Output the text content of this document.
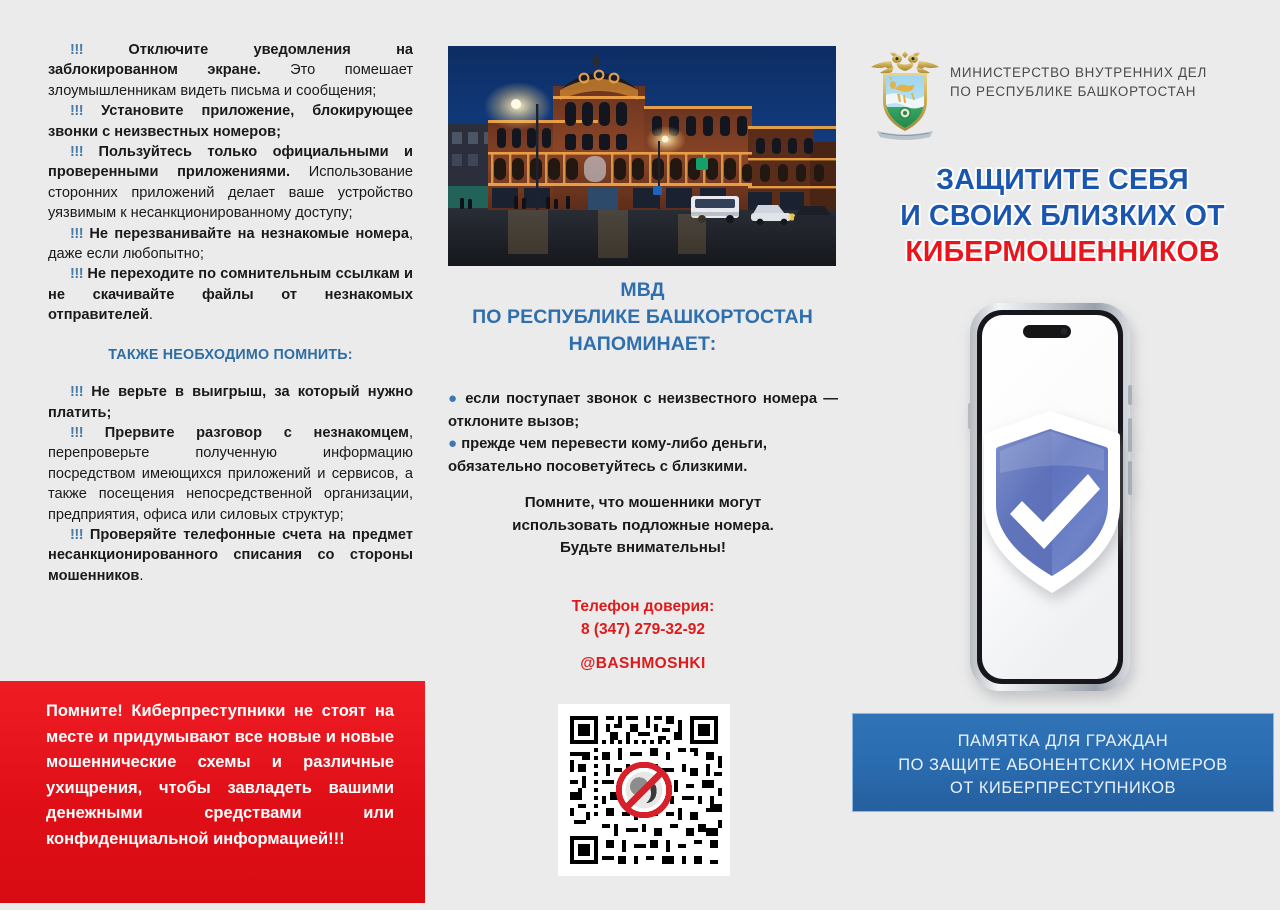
!!!	Отключите уведомления на заблокированном экране. Это помешает злоумышленникам видеть письма и сообщения;

!!! Установите приложение, блокирующее звонки с неизвестных номеров;

!!! Пользуйтесь только официальными и проверенными приложениями. Использование сторонних приложений делает ваше устройство уязвимым к несанкционированному доступу;

!!! Не перезванивайте на незнакомые номера, даже если любопытно;

!!! Не переходите по сомнительным ссылкам и не скачивайте файлы от незнакомых отправителей.

ТАКЖЕ НЕОБХОДИМО ПОМНИТЬ:

!!! Не верьте в выигрыш, за который нужно платить;

!!! Прервите разговор с незнакомцем, перепроверьте полученную информацию посредством имеющихся приложений и сервисов, а также посещения непосредственной организации, предприятия, офиса или силовых структур;

!!! Проверяйте телефонные счета на предмет несанкционированного списания со стороны мошенников.

Помните! Киберпреступники не стоят на месте и придумывают все новые и новые мошеннические схемы и различные ухищрения, чтобы завладеть вашими денежными средствами или конфиденциальной информацией!!!
МВД
ПО РЕСПУБЛИКЕ БАШКОРТОСТАН
НАПОМИНАЕТ:

● если поступает звонок с неизвестного номера — отклоните вызов;

● прежде чем перевести кому-либо деньги, обязательно посоветуйтесь с близкими.

Помните, что мошенники могут
использовать подложные номера.
Будьте внимательны!
Телефон доверия:
8 (347) 279-32-92
@BASHMOSHKI
МИНИСТЕРСТВО ВНУТРЕННИХ ДЕЛ
ПО РЕСПУБЛИКЕ БАШКОРТОСТАН
ЗАЩИТИТЕ СЕБЯ
И СВОИХ БЛИЗКИХ ОТ
КИБЕРМОШЕННИКОВ
ПАМЯТКА ДЛЯ ГРАЖДАН
ПО ЗАЩИТЕ АБОНЕНТСКИХ НОМЕРОВ
ОТ КИБЕРПРЕСТУПНИКОВ
